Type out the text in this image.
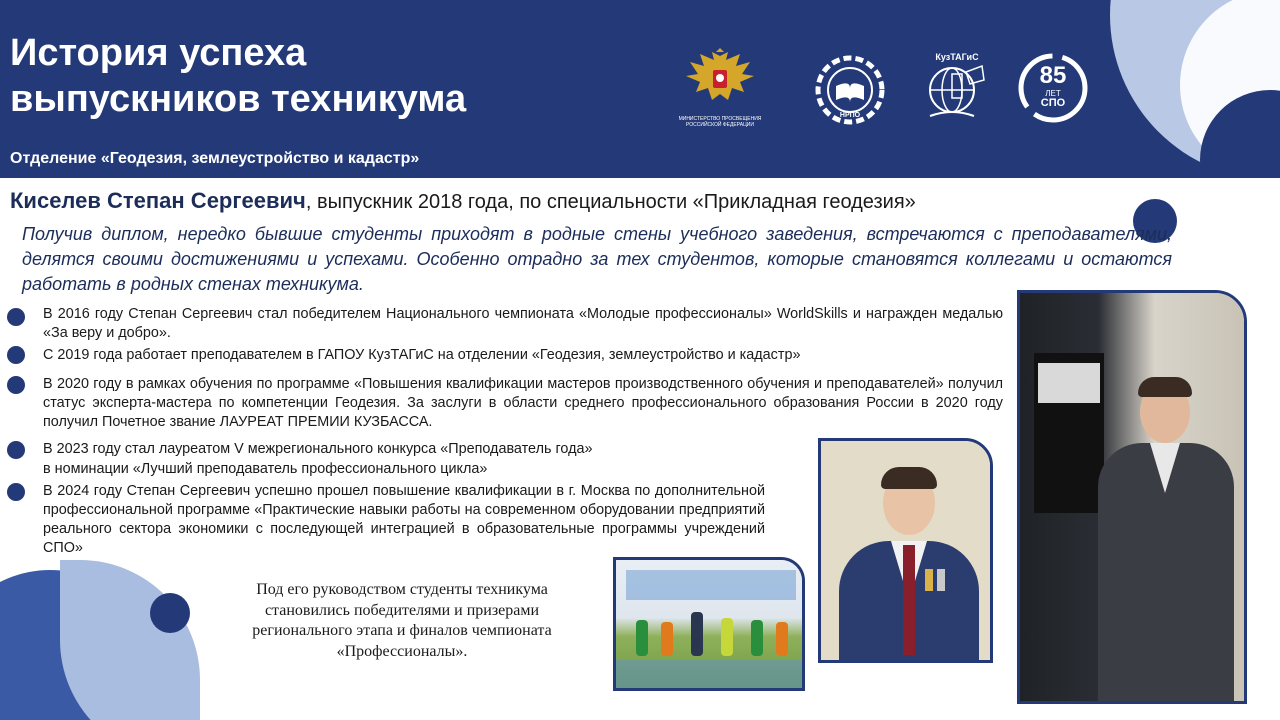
История успеха
выпускников техникума
Отделение «Геодезия, землеустройство и кадастр»
МИНИСТЕРСТВО ПРОСВЕЩЕНИЯ
РОССИЙСКОЙ ФЕДЕРАЦИИ
НРПО
КузТАГиС
85
ЛЕТ
СПО
Киселев Степан Сергеевич, выпускник 2018 года, по специальности «Прикладная геодезия»
Получив диплом, нередко бывшие студенты приходят в родные стены учебного заведения, встречаются с преподавателями, делятся своими достижениями и успехами. Особенно отрадно за тех студентов, которые становятся коллегами и остаются работать в родных стенах техникума.
В 2016 году Степан Сергеевич стал победителем Национального чемпионата «Молодые профессионалы» WorldSkills и награжден медалью «За веру и добро».
С 2019 года работает преподавателем в ГАПОУ КузТАГиС на отделении «Геодезия, землеустройство и кадастр»
В 2020 году в рамках обучения по программе «Повышения квалификации мастеров производственного обучения и преподавателей» получил статус эксперта-мастера по компетенции Геодезия. За заслуги в области среднего профессионального образования России в 2020 году получил Почетное звание ЛАУРЕАТ ПРЕМИИ КУЗБАССА.
В 2023 году стал лауреатом V межрегионального конкурса «Преподаватель года»
в номинации «Лучший преподаватель профессионального цикла»
В 2024 году Степан Сергеевич успешно прошел повышение квалификации в г. Москва по дополнительной профессиональной программе «Практические навыки работы на современном оборудовании предприятий реального сектора экономики с последующей интеграцией в образовательные программы учреждений СПО»
Под его руководством студенты техникума становились победителями и призерами регионального этапа и финалов чемпионата «Профессионалы».
